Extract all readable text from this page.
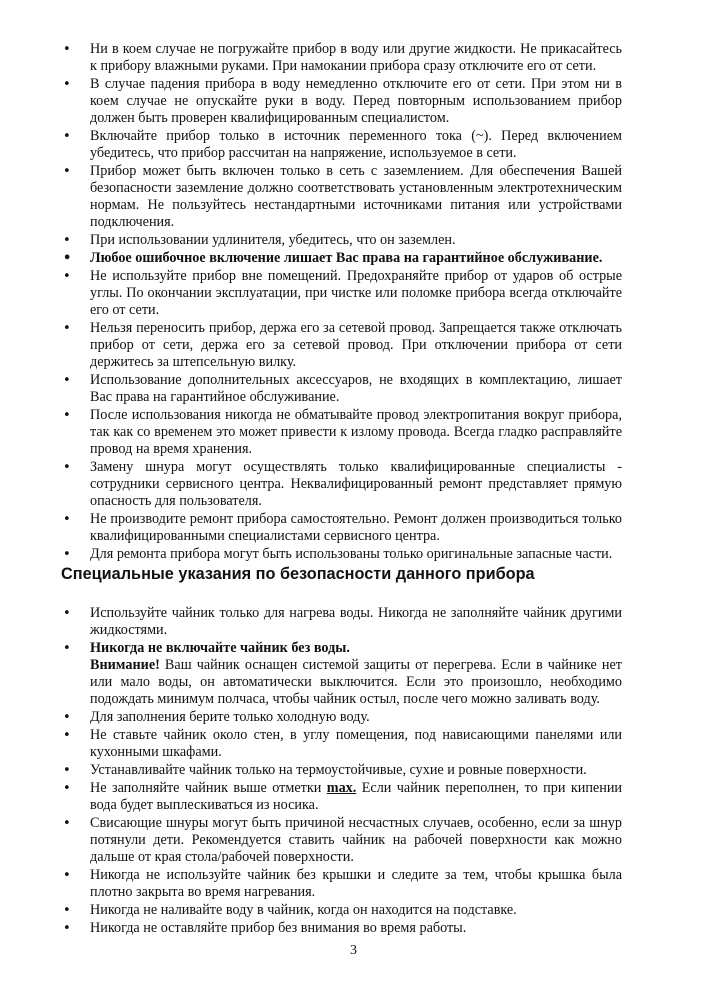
• Ни в коем случае не погружайте прибор в воду или другие жидкости. Не прикасайтесь к прибору влажными руками. При намокании прибора сразу отключите его от сети.
• В случае падения прибора в воду немедленно отключите его от сети. При этом ни в коем случае не опускайте руки в воду. Перед повторным использованием прибор должен быть проверен квалифицированным специалистом.
• Включайте прибор только в источник переменного тока (~). Перед включением убедитесь, что прибор рассчитан на напряжение, используемое в сети.
• Прибор может быть включен только в сеть с заземлением. Для обеспечения Вашей безопасности заземление должно соответствовать установленным электротехническим нормам. Не пользуйтесь нестандартными источниками питания или устройствами подключения.
• При использовании удлинителя, убедитесь, что он заземлен.
• Любое ошибочное включение лишает Вас права на гарантийное обслуживание.
• Не используйте прибор вне помещений. Предохраняйте прибор от ударов об острые углы. По окончании эксплуатации, при чистке или поломке прибора всегда отключайте его от сети.
• Нельзя переносить прибор, держа его за сетевой провод. Запрещается также отключать прибор от сети, держа его за сетевой провод. При отключении прибора от сети держитесь за штепсельную вилку.
• Использование дополнительных аксессуаров, не входящих в комплектацию, лишает Вас права на гарантийное обслуживание.
• После использования никогда не обматывайте провод электропитания вокруг прибора, так как со временем это может привести к излому провода. Всегда гладко расправляйте провод на время хранения.
• Замену шнура могут осуществлять только квалифицированные специалисты - сотрудники сервисного центра. Неквалифицированный ремонт представляет прямую опасность для пользователя.
• Не производите ремонт прибора самостоятельно. Ремонт должен производиться только квалифицированными специалистами сервисного центра.
• Для ремонта прибора могут быть использованы только оригинальные запасные части.
Специальные указания по безопасности данного прибора
• Используйте чайник только для нагрева воды. Никогда не заполняйте чайник другими жидкостями.
• Никогда не включайте чайник без воды.
Внимание! Ваш чайник оснащен системой защиты от перегрева. Если в чайнике нет или мало воды, он автоматически выключится. Если это произошло, необходимо подождать минимум полчаса, чтобы чайник остыл, после чего можно заливать воду.
• Для заполнения берите только холодную воду.
• Не ставьте чайник около стен, в углу помещения, под нависающими панелями или кухонными шкафами.
• Устанавливайте чайник только на термоустойчивые, сухие и ровные поверхности.
• Не заполняйте чайник выше отметки max. Если чайник переполнен, то при кипении вода будет выплескиваться из носика.
• Свисающие шнуры могут быть причиной несчастных случаев, особенно, если за шнур потянули дети. Рекомендуется ставить чайник на рабочей поверхности как можно дальше от края стола/рабочей поверхности.
• Никогда не используйте чайник без крышки и следите за тем, чтобы крышка была плотно закрыта во время нагревания.
• Никогда не наливайте воду в чайник, когда он находится на подставке.
• Никогда не оставляйте прибор без внимания во время работы.
3
